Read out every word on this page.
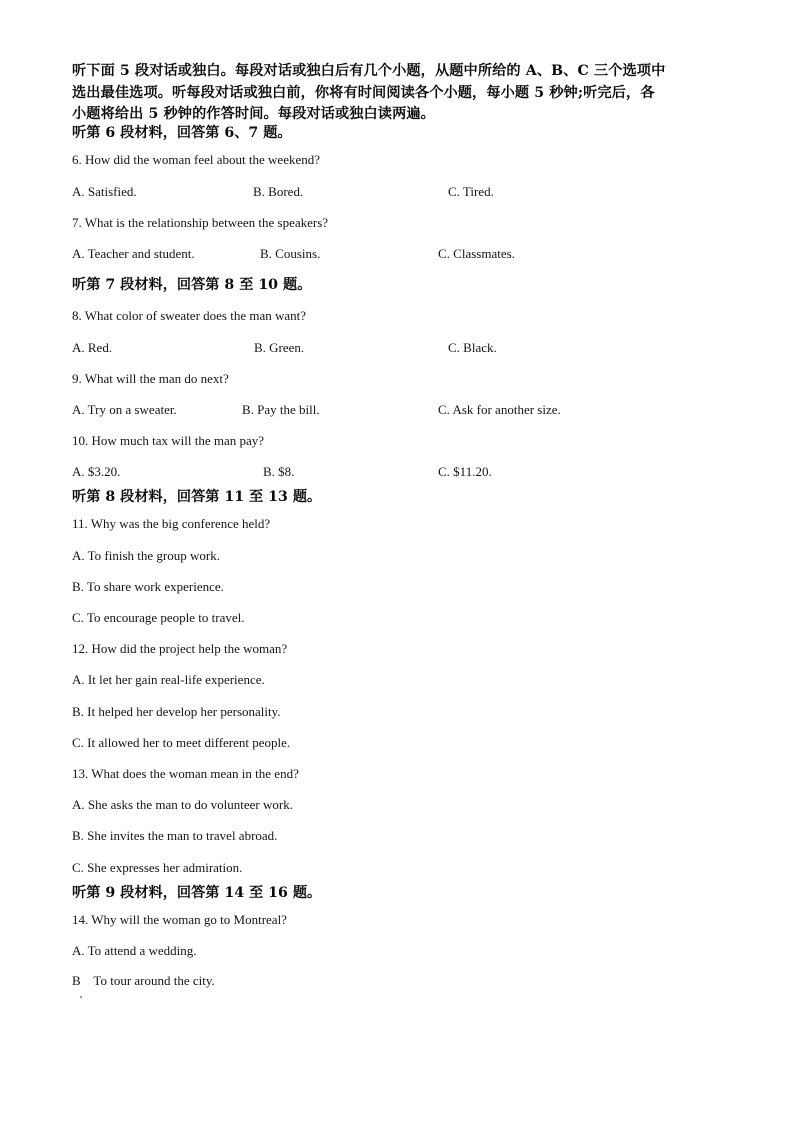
听下面 5 段对话或独白。每段对话或独白后有几个小题，从题中所给的 A、B、C 三个选项中

选出最佳选项。听每段对话或独白前，你将有时间阅读各个小题，每小题 5 秒钟;听完后，各

小题将给出 5 秒钟的作答时间。每段对话或独白读两遍。

听第 6 段材料，回答第 6、7 题。
6. How did the woman feel about the weekend?
A. Satisfied.	B. Bored.	C. Tired.
7. What is the relationship between the speakers?
A. Teacher and student.	B. Cousins.	C. Classmates.
听第 7 段材料，回答第 8 至 10 题。
8. What color of sweater does the man want?
A. Red.	B. Green.	C. Black.
9. What will the man do next?
A. Try on a sweater.	B. Pay the bill.	C. Ask for another size.
10. How much tax will the man pay?
A. $3.20.	B. $8.	C. $11.20.
听第 8 段材料，回答第 11 至 13 题。
11. Why was the big conference held?
A. To finish the group work.
B. To share work experience.
C. To encourage people to travel.
12. How did the project help the woman?
A. It let her gain real-life experience.
B. It helped her develop her personality.
C. It allowed her to meet different people.
13. What does the woman mean in the end?
A. She asks the man to do volunteer work.
B. She invites the man to travel abroad.
C. She expresses her admiration.
听第 9 段材料，回答第 14 至 16 题。
14. Why will the woman go to Montreal?
A. To attend a wedding.
B    To tour around the city.
